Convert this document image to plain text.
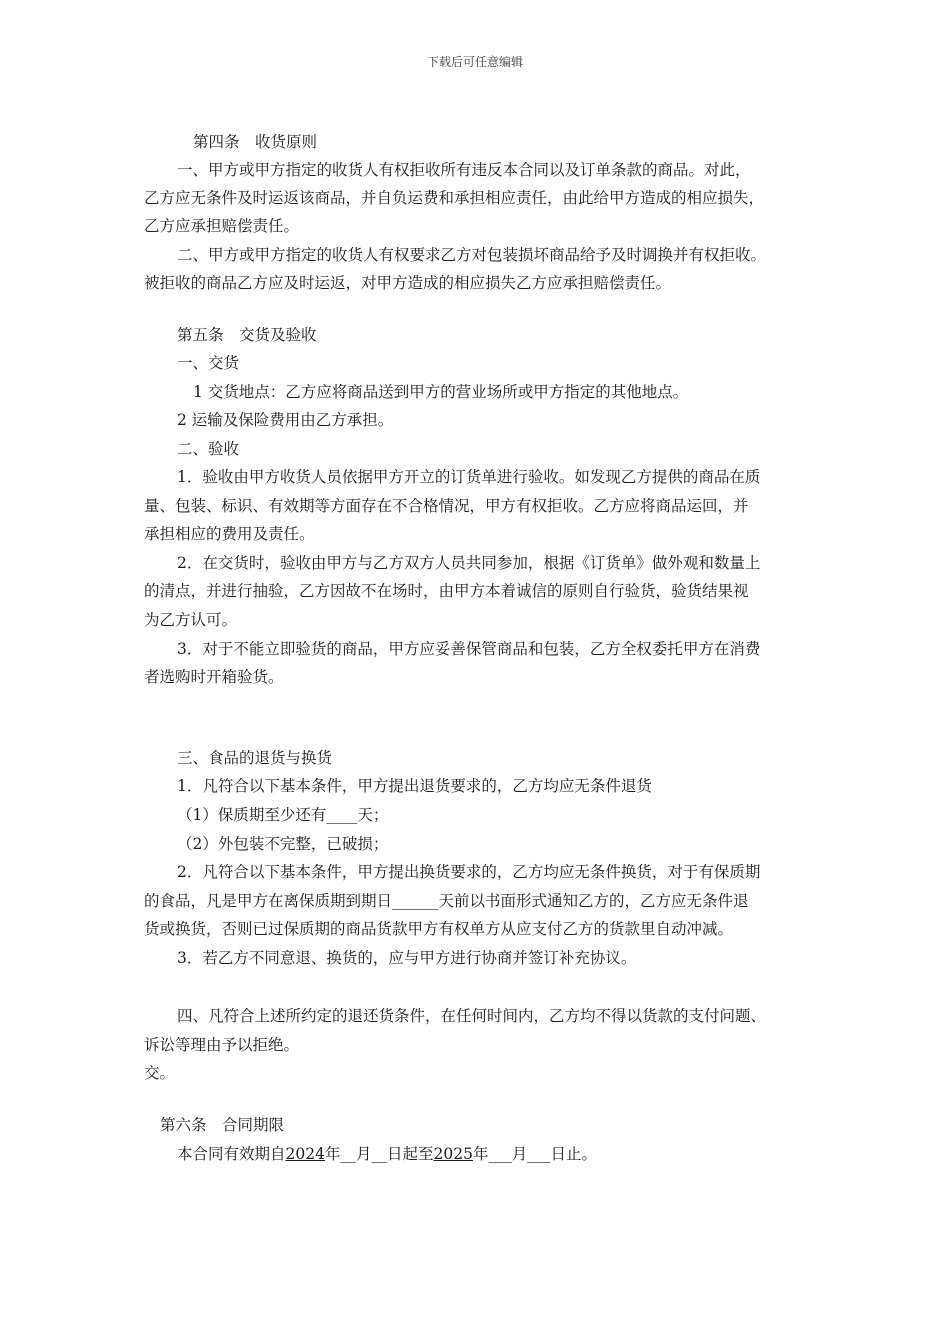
下载后可任意编辑
第四条　收货原则
一、甲方或甲方指定的收货人有权拒收所有违反本合同以及订单条款的商品。对此，
乙方应无条件及时运返该商品，并自负运费和承担相应责任，由此给甲方造成的相应损失，
乙方应承担赔偿责任。
二、甲方或甲方指定的收货人有权要求乙方对包装损坏商品给予及时调换并有权拒收。
被拒收的商品乙方应及时运返，对甲方造成的相应损失乙方应承担赔偿责任。
第五条　交货及验收
一、交货
1 交货地点：乙方应将商品送到甲方的营业场所或甲方指定的其他地点。
2 运输及保险费用由乙方承担。
二、验收
1．验收由甲方收货人员依据甲方开立的订货单进行验收。如发现乙方提供的商品在质
量、包装、标识、有效期等方面存在不合格情况，甲方有权拒收。乙方应将商品运回，并
承担相应的费用及责任。
2．在交货时，验收由甲方与乙方双方人员共同参加，根据《订货单》做外观和数量上
的清点，并进行抽验，乙方因故不在场时，由甲方本着诚信的原则自行验货，验货结果视
为乙方认可。
3．对于不能立即验货的商品，甲方应妥善保管商品和包装，乙方全权委托甲方在消费
者选购时开箱验货。
三、食品的退货与换货
1．凡符合以下基本条件，甲方提出退货要求的，乙方均应无条件退货
（1）保质期至少还有____天；
（2）外包装不完整，已破损；
2．凡符合以下基本条件，甲方提出换货要求的，乙方均应无条件换货，对于有保质期
的食品，凡是甲方在离保质期到期日______天前以书面形式通知乙方的，乙方应无条件退
货或换货，否则已过保质期的商品货款甲方有权单方从应支付乙方的货款里自动冲减。
3．若乙方不同意退、换货的，应与甲方进行协商并签订补充协议。
四、凡符合上述所约定的退还货条件，在任何时间内，乙方均不得以货款的支付问题、
诉讼等理由予以拒绝。
交。
第六条　合同期限
本合同有效期自2024年__月__日起至2025年___月___日止。
